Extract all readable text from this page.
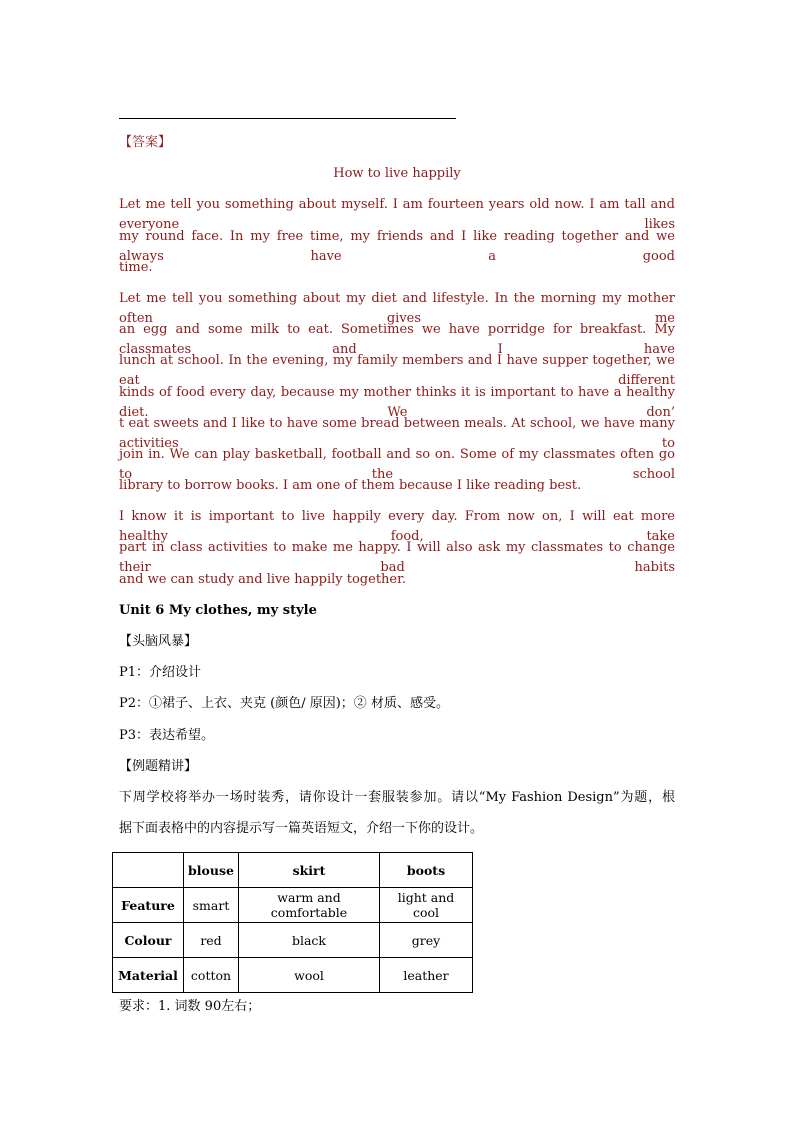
【答案】
How to live happily
Let me tell you something about myself. I am fourteen years old now. I am tall and everyone likes
my round face. In my free time, my friends and I like reading together and we always have a good
time.
Let me tell you something about my diet and lifestyle. In the morning my mother often gives me
an egg and some milk to eat. Sometimes we have porridge for breakfast. My classmates and I have
lunch at school. In the evening, my family members and I have supper together, we eat different
kinds of food every day, because my mother thinks it is important to have a healthy diet. We don’
t eat sweets and I like to have some bread between meals. At school, we have many activities to
join in. We can play basketball, football and so on. Some of my classmates often go to the school
library to borrow books. I am one of them because I like reading best.
I know it is important to live happily every day. From now on, I will eat more healthy food, take
part in class activities to make me happy. I will also ask my classmates to change their bad habits
and we can study and live happily together.
Unit 6 My clothes, my style
【头脑风暴】
P1：介绍设计
P2：①裙子、上衣、夹克 (颜色/ 原因)；② 材质、感受。
P3：表达希望。
【例题精讲】
下周学校将举办一场时装秀，请你设计一套服装参加。请以“My Fashion Design”为题，根
据下面表格中的内容提示写一篇英语短文，介绍一下你的设计。
	blouse	skirt	boots
Feature	smart	warm and comfortable	light and cool
Colour	red	black	grey
Material	cotton	wool	leather
要求：1. 词数 90左右；
